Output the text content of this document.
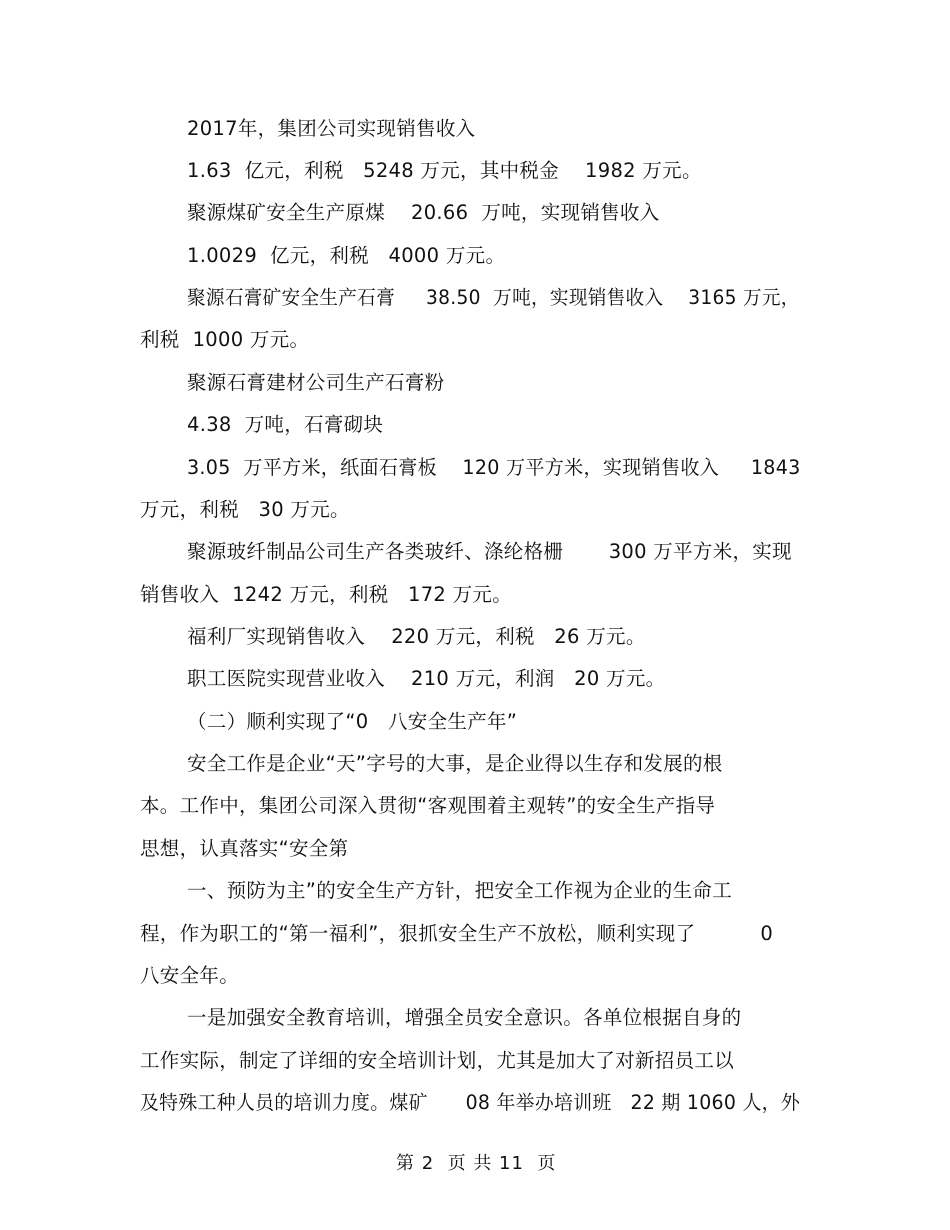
2017年，集团公司实现销售收入
1.63  亿元，利税   5248 万元，其中税金    1982 万元。
聚源煤矿安全生产原煤    20.66  万吨，实现销售收入
1.0029  亿元，利税   4000 万元。
聚源石膏矿安全生产石膏     38.50  万吨，实现销售收入    3165 万元，
利税  1000 万元。
聚源石膏建材公司生产石膏粉
4.38  万吨，石膏砌块
3.05  万平方米，纸面石膏板    120 万平方米，实现销售收入     1843
万元，利税   30 万元。
聚源玻纤制品公司生产各类玻纤、涤纶格栅       300 万平方米，实现
销售收入  1242 万元，利税   172 万元。
福利厂实现销售收入    220 万元，利税   26 万元。
职工医院实现营业收入    210 万元，利润   20 万元。
（二）顺利实现了“0   八安全生产年”
安全工作是企业“天”字号的大事，是企业得以生存和发展的根
本。工作中，集团公司深入贯彻“客观围着主观转”的安全生产指导
思想，认真落实“安全第
一、预防为主”的安全生产方针，把安全工作视为企业的生命工
程，作为职工的“第一福利”，狠抓安全生产不放松，顺利实现了          0
八安全年。
一是加强安全教育培训，增强全员安全意识。各单位根据自身的
工作实际，制定了详细的安全培训计划，尤其是加大了对新招员工以
及特殊工种人员的培训力度。煤矿      08 年举办培训班   22 期 1060 人，外
第 2  页 共 11  页
